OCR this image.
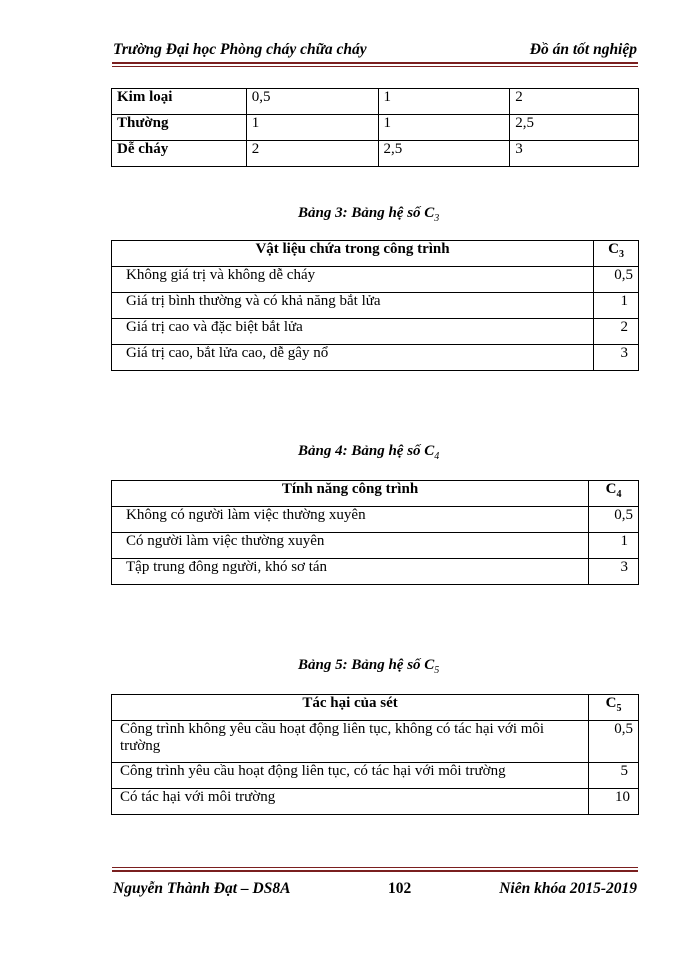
Trường Đại học Phòng cháy chữa cháy	Đồ án tốt nghiệp
Kim loại	0,5	1	2
Thường	1	1	2,5
Dễ cháy	2	2,5	3
Bảng 3: Bảng hệ số $C_3$
Vật liệu chứa trong công trình	$C_3$
Không giá trị và không dễ cháy	0,5
Giá trị bình thường và có khả năng bắt lửa	1
Giá trị cao và đặc biệt bắt lửa	2
Giá trị cao, bắt lửa cao, dễ gây nổ	3
Bảng 4: Bảng hệ số $C_4$
Tính năng công trình	$C_4$
Không có người làm việc thường xuyên	0,5
Có người làm việc thường xuyên	1
Tập trung đông người, khó sơ tán	3
Bảng 5: Bảng hệ số $C_5$
Tác hại của sét	$C_5$
Công trình không yêu cầu hoạt động liên tục, không có tác hại với môi trường	0,5
Công trình yêu cầu hoạt động liên tục, có tác hại với môi trường	5
Có tác hại với môi trường	10
Nguyễn Thành Đạt – DS8A	102	Niên khóa 2015-2019
